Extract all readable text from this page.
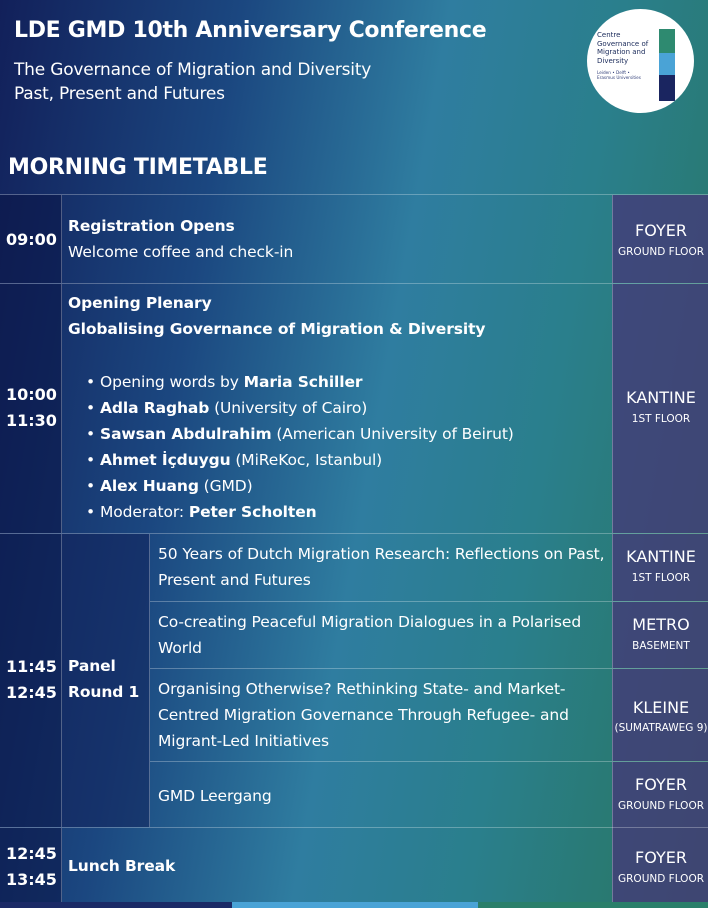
LDE GMD 10th Anniversary Conference
The Governance of Migration and Diversity
Past, Present and Futures
Centre
Governance of
Migration and
Diversity
Leiden • Delft • Erasmus Universities
MORNING TIMETABLE
09:00
Registration Opens
Welcome coffee and check-in
FOYER
GROUND FLOOR
10:00
11:30
Opening Plenary
Globalising Governance of Migration & Diversity
Opening words by Maria Schiller
Adla Raghab (University of Cairo)
Sawsan Abdulrahim (American University of Beirut)
Ahmet İçduygu (MiReKoc, Istanbul)
Alex Huang (GMD)
Moderator: Peter Scholten
KANTINE
1ST FLOOR
11:45
12:45
Panel
Round 1
50 Years of Dutch Migration Research: Reflections on Past, Present and Futures
KANTINE
1ST FLOOR
Co-creating Peaceful Migration Dialogues in a Polarised World
METRO
BASEMENT
Organising Otherwise? Rethinking State- and Market-Centred Migration Governance Through Refugee- and Migrant-Led Initiatives
KLEINE
(SUMATRAWEG 9)
GMD Leergang
FOYER
GROUND FLOOR
12:45
13:45
Lunch Break	FOYER
GROUND FLOOR
